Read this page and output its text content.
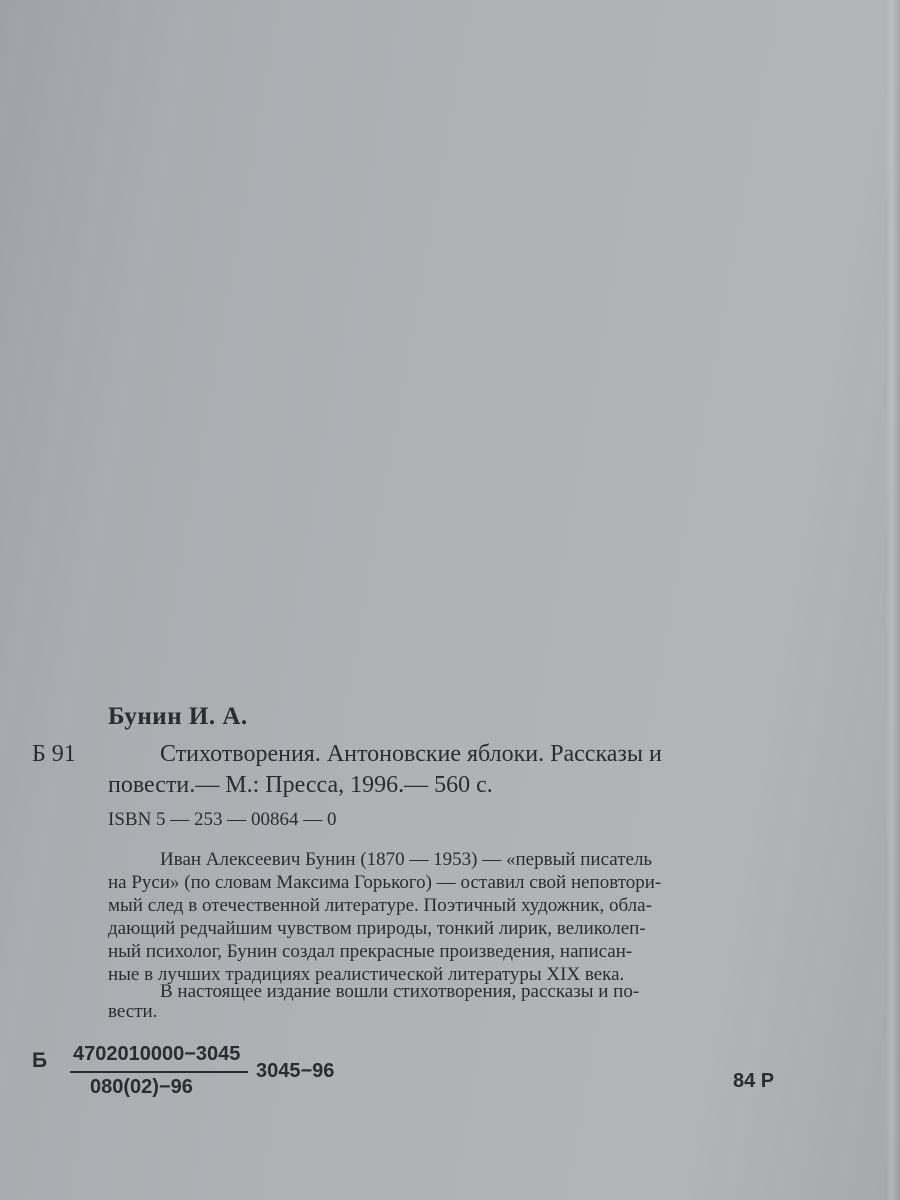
Бунин И. А.
Б 91	Стихотворения. Антоновские яблоки. Рассказы и
повести.— М.: Пресса, 1996.— 560 с.
ISBN 5 — 253 — 00864 — 0
Иван Алексеевич Бунин (1870 — 1953) — «первый писатель
на Руси» (по словам Максима Горького) — оставил свой неповтори-
мый след в отечественной литературе. Поэтичный художник, обла-
дающий редчайшим чувством природы, тонкий лирик, великолеп-
ный психолог, Бунин создал прекрасные произведения, написан-
ные в лучших традициях реалистической литературы XIX века.
В настоящее издание вошли стихотворения, рассказы и по-
вести.
Б 4702010000−3045
080(02)−96
3045−96	84 Р
